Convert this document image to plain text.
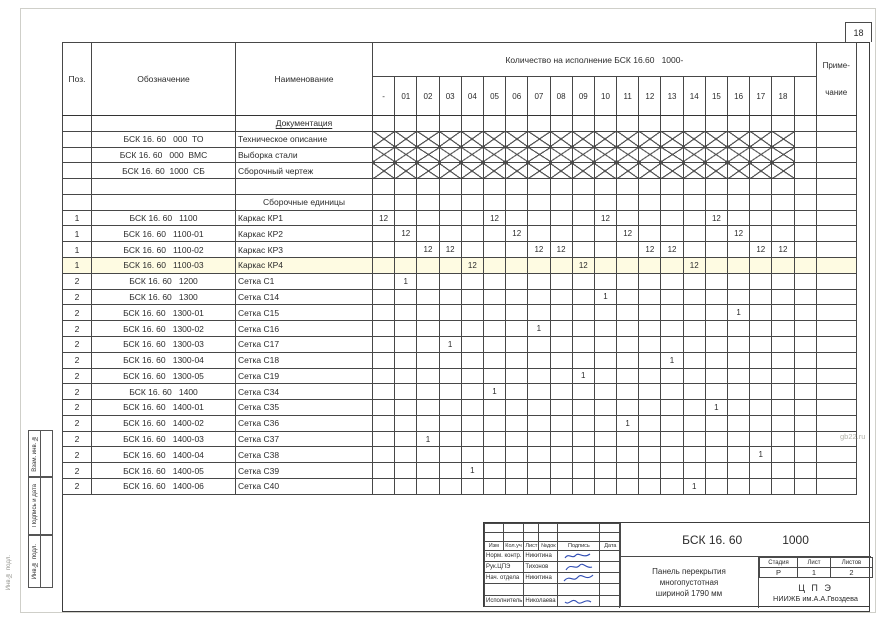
18
Поз.	Обозначение	Наименование	Количество на исполнение БСК 16.60   1000-																				Приме-

чание

			-	01	02	03	04	05	06	07	08	09	10	11	12	13	14	15	16	17	18		
		Документация																					
	БСК 16. 60   000  ТО	Техническое описание																					
	БСК 16. 60   000  ВМС	Выборка стали																					
	БСК 16. 60  1000  СБ	Сборочный чертеж																					

		Сборочные единицы																					
1	БСК 16. 60   1100	Каркас КР1	12					12					12					12					
1	БСК 16. 60   1100-01	Каркас КР2		12					12					12					12				
1	БСК 16. 60   1100-02	Каркас КР3			12	12				12	12				12	12				12	12		
1	БСК 16. 60   1100-03	Каркас КР4					12					12					12						
2	БСК 16. 60   1200	Сетка С1		1																			
2	БСК 16. 60   1300	Сетка С14											1										
2	БСК 16. 60   1300-01	Сетка С15																	1				
2	БСК 16. 60   1300-02	Сетка С16								1													
2	БСК 16. 60   1300-03	Сетка С17				1																	
2	БСК 16. 60   1300-04	Сетка С18														1							
2	БСК 16. 60   1300-05	Сетка С19										1											
2	БСК 16. 60   1400	Сетка С34						1															
2	БСК 16. 60   1400-01	Сетка С35																1					
2	БСК 16. 60   1400-02	Сетка С36												1									
2	БСК 16. 60   1400-03	Сетка С37			1																		
2	БСК 16. 60   1400-04	Сетка С38																		1			
2	БСК 16. 60   1400-05	Сетка С39					1																
2	БСК 16. 60   1400-06	Сетка С40															1						
gb22.ru
Взам. инв. №
Подпись и дата
Инв.№ подл.
Инв.№ подл.

Изм	Кол.уч	Лист	№док	Подпись	Дата
Норм. контр.		Никитина	

Рук.ЦПЭ		Тихонов	

Нач. отдела		Никитина	

Исполнитель		Николаева	

БСК 16. 60	1000
Панель перекрытия
многопустотная
шириной 1790 мм
Стадия	Лист	Листов
Р	1	2
Ц П Э
НИИЖБ им.А.А.Гвоздева
